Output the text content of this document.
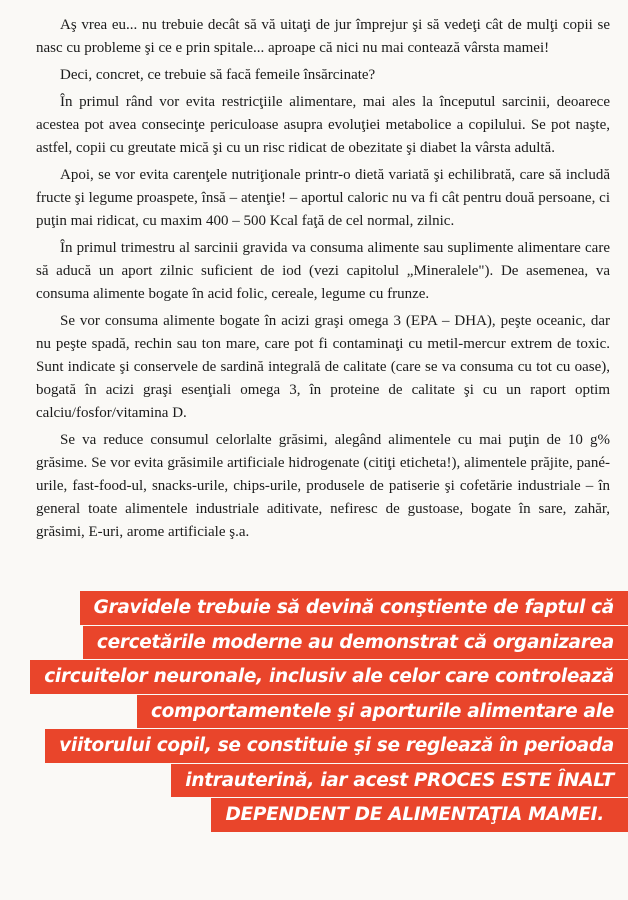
Aş vrea eu... nu trebuie decât să vă uitaţi de jur împrejur şi să vedeţi cât de mulţi copii se nasc cu probleme şi ce e prin spitale... aproape că nici nu mai contează vârsta mamei!

Deci, concret, ce trebuie să facă femeile însărcinate?

În primul rând vor evita restricţiile alimentare, mai ales la începutul sarcinii, deoarece acestea pot avea consecinţe periculoase asupra evoluţiei metabolice a copilului. Se pot naşte, astfel, copii cu greutate mică şi cu un risc ridicat de obezitate şi diabet la vârsta adultă.

Apoi, se vor evita carenţele nutriţionale printr-o dietă variată şi echilibrată, care să includă fructe şi legume proaspete, însă – atenţie! – aportul caloric nu va fi cât pentru două persoane, ci puţin mai ridicat, cu maxim 400 – 500 Kcal faţă de cel normal, zilnic.

În primul trimestru al sarcinii gravida va consuma alimente sau suplimente alimentare care să aducă un aport zilnic suficient de iod (vezi capitolul „Mineralele"). De asemenea, va consuma alimente bogate în acid folic, cereale, legume cu frunze.

Se vor consuma alimente bogate în acizi graşi omega 3 (EPA – DHA), peşte oceanic, dar nu peşte spadă, rechin sau ton mare, care pot fi contaminaţi cu metil-mercur extrem de toxic. Sunt indicate şi conservele de sardină integrală de calitate (care se va consuma cu tot cu oase), bogată în acizi graşi esenţiali omega 3, în proteine de calitate şi cu un raport optim calciu/fosfor/vitamina D.

Se va reduce consumul celorlalte grăsimi, alegând alimentele cu mai puţin de 10 g% grăsime. Se vor evita grăsimile artificiale hidrogenate (citiţi eticheta!), alimentele prăjite, pané-urile, fast-food-ul, snacks-urile, chips-urile, produsele de patiserie şi cofetărie industriale – în general toate alimentele industriale aditivate, nefiresc de gustoase, bogate în sare, zahăr, grăsimi, E-uri, arome artificiale ş.a.

Gravidele trebuie să devină conştiente de faptul că
cercetările moderne au demonstrat că organizarea
circuitelor neuronale, inclusiv ale celor care controlează
comportamentele şi aporturile alimentare ale
viitorului copil, se constituie şi se reglează în perioada
intrauterină, iar acest PROCES ESTE ÎNALT
DEPENDENT DE ALIMENTAŢIA MAMEI.
